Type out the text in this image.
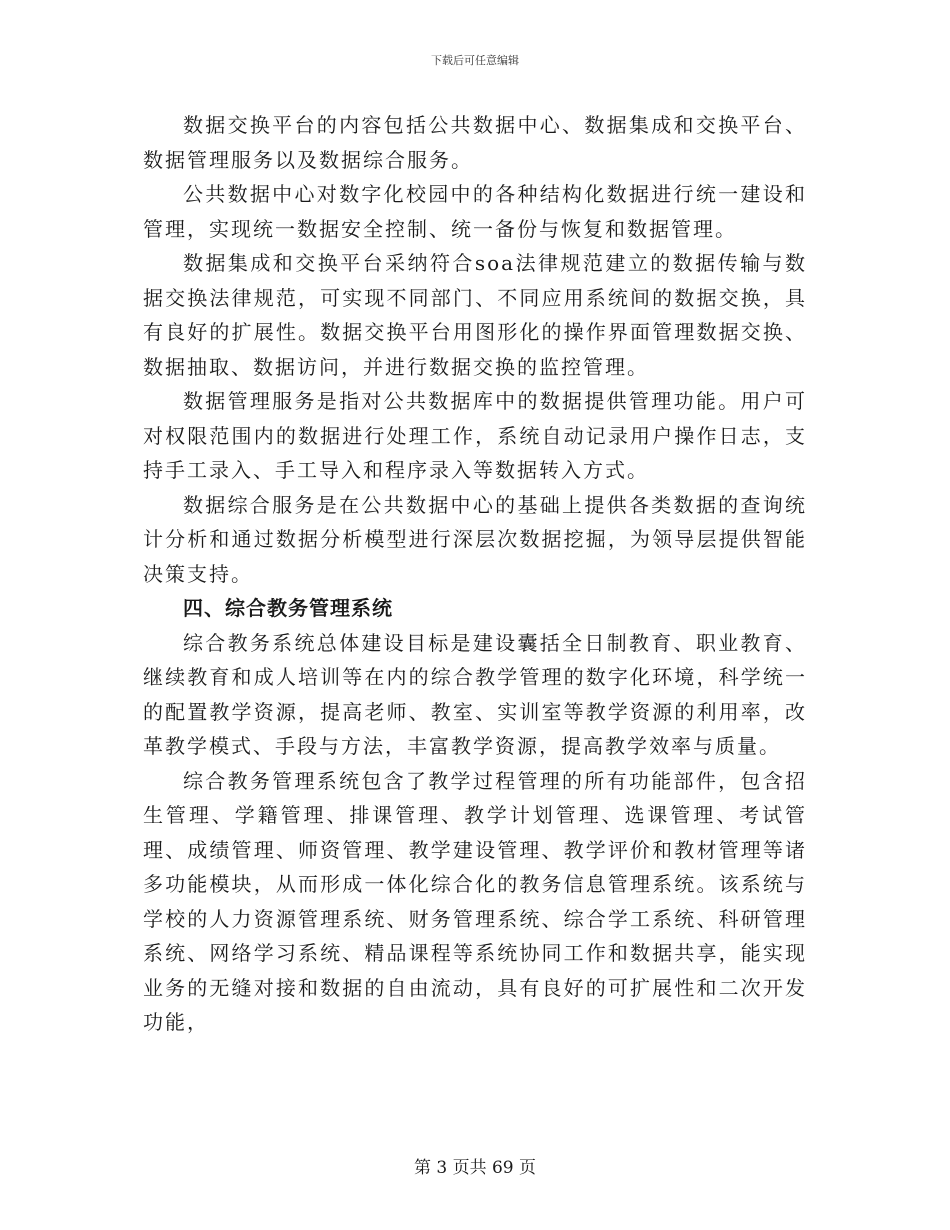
下载后可任意编辑

数据交换平台的内容包括公共数据中心、数据集成和交换平台、数据管理服务以及数据综合服务。

公共数据中心对数字化校园中的各种结构化数据进行统一建设和管理，实现统一数据安全控制、统一备份与恢复和数据管理。

数据集成和交换平台采纳符合soa法律规范建立的数据传输与数据交换法律规范，可实现不同部门、不同应用系统间的数据交换，具有良好的扩展性。数据交换平台用图形化的操作界面管理数据交换、数据抽取、数据访问，并进行数据交换的监控管理。

数据管理服务是指对公共数据库中的数据提供管理功能。用户可对权限范围内的数据进行处理工作，系统自动记录用户操作日志，支持手工录入、手工导入和程序录入等数据转入方式。

数据综合服务是在公共数据中心的基础上提供各类数据的查询统计分析和通过数据分析模型进行深层次数据挖掘，为领导层提供智能决策支持。

四、综合教务管理系统

综合教务系统总体建设目标是建设囊括全日制教育、职业教育、继续教育和成人培训等在内的综合教学管理的数字化环境，科学统一的配置教学资源，提高老师、教室、实训室等教学资源的利用率，改革教学模式、手段与方法，丰富教学资源，提高教学效率与质量。

综合教务管理系统包含了教学过程管理的所有功能部件，包含招生管理、学籍管理、排课管理、教学计划管理、选课管理、考试管理、成绩管理、师资管理、教学建设管理、教学评价和教材管理等诸多功能模块，从而形成一体化综合化的教务信息管理系统。该系统与学校的人力资源管理系统、财务管理系统、综合学工系统、科研管理系统、网络学习系统、精品课程等系统协同工作和数据共享，能实现业务的无缝对接和数据的自由流动，具有良好的可扩展性和二次开发功能，

第 3 页共 69 页
